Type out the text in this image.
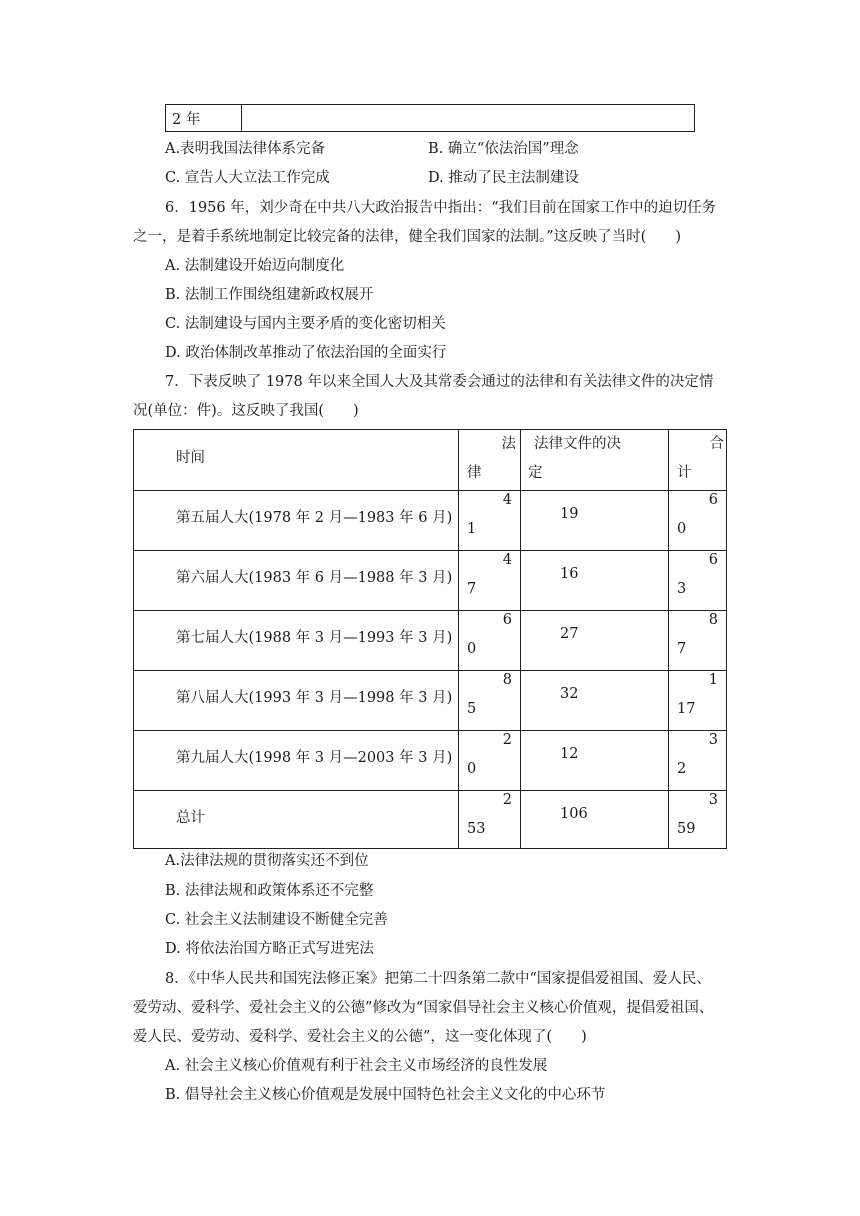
2 年
A.表明我国法律体系完备	B. 确立“依法治国”理念
C. 宣告人大立法工作完成	D. 推动了民主法制建设
6．1956 年，刘少奇在中共八大政治报告中指出：“我们目前在国家工作中的迫切任务
之一，是着手系统地制定比较完备的法律，健全我们国家的法制。”这反映了当时(　　)
A. 法制建设开始迈向制度化
B. 法制工作围绕组建新政权展开
C. 法制建设与国内主要矛盾的变化密切相关
D. 政治体制改革推动了依法治国的全面实行
7．下表反映了 1978 年以来全国人大及其常委会通过的法律和有关法律文件的决定情
况(单位：件)。这反映了我国(　　)
时间
法
律
法律文件的决
定
合
计
第五届人大(1978 年 2 月—1983 年 6 月)
4
1
19
6
0
第六届人大(1983 年 6 月—1988 年 3 月)
4
7
16
6
3
第七届人大(1988 年 3 月—1993 年 3 月)
6
0
27
8
7
第八届人大(1993 年 3 月—1998 年 3 月)
8
5
32
1
17
第九届人大(1998 年 3 月—2003 年 3 月)
2
0
12
3
2
总计
2
53
106
3
59
A.法律法规的贯彻落实还不到位
B. 法律法规和政策体系还不完整
C. 社会主义法制建设不断健全完善
D. 将依法治国方略正式写进宪法
8．《中华人民共和国宪法修正案》把第二十四条第二款中“国家提倡爱祖国、爱人民、
爱劳动、爱科学、爱社会主义的公德”修改为“国家倡导社会主义核心价值观，提倡爱祖国、
爱人民、爱劳动、爱科学、爱社会主义的公德”，这一变化体现了(　　)
A. 社会主义核心价值观有利于社会主义市场经济的良性发展
B. 倡导社会主义核心价值观是发展中国特色社会主义文化的中心环节
